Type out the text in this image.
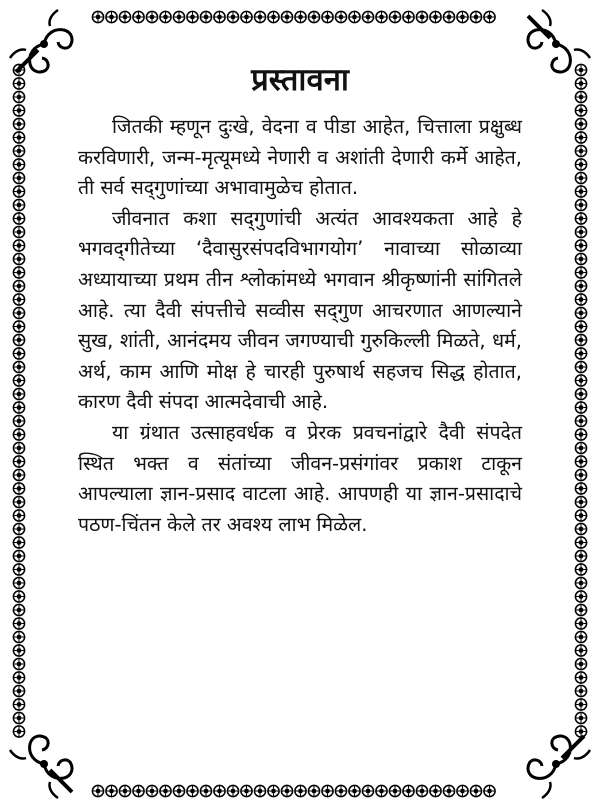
प्रस्तावना

जितकी म्हणून दुःखे, वेदना व पीडा आहेत, चित्ताला प्रक्षुब्ध करविणारी, जन्म-मृत्यूमध्ये नेणारी व अशांती देणारी कर्मे आहेत, ती सर्व सद्‌गुणांच्या अभावामुळेच होतात.

जीवनात कशा सद्‌गुणांची अत्यंत आवश्यकता आहे हे भगवद्‌गीतेच्या ‘दैवासुरसंपदविभागयोग’ नावाच्या सोळाव्या अध्यायाच्या प्रथम तीन श्लोकांमध्ये भगवान श्रीकृष्णांनी सांगितले आहे. त्या दैवी संपत्तीचे सव्वीस सद्‌गुण आचरणात आणल्याने सुख, शांती, आनंदमय जीवन जगण्याची गुरुकिल्ली मिळते, धर्म, अर्थ, काम आणि मोक्ष हे चारही पुरुषार्थ सहजच सिद्ध होतात, कारण दैवी संपदा आत्मदेवाची आहे.

या ग्रंथात उत्साहवर्धक व प्रेरक प्रवचनांद्वारे दैवी संपदेत स्थित भक्त व संतांच्या जीवन-प्रसंगांवर प्रकाश टाकून आपल्याला ज्ञान-प्रसाद वाटला आहे. आपणही या ज्ञान-प्रसादाचे पठण-चिंतन केले तर अवश्य लाभ मिळेल.
